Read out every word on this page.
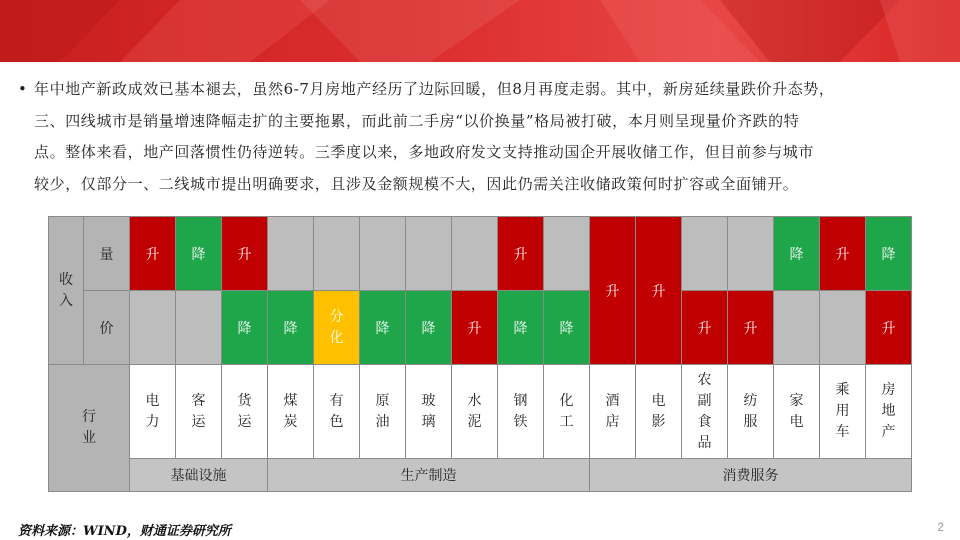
• 年中地产新政成效已基本褪去，虽然6-7月房地产经历了边际回暖，但8月再度走弱。其中，新房延续量跌价升态势，
三、四线城市是销量增速降幅走扩的主要拖累，而此前二手房“以价换量”格局被打破，本月则呈现量价齐跌的特
点。整体来看，地产回落惯性仍待逆转。三季度以来，多地政府发文支持推动国企开展收储工作，但目前参与城市
较少，仅部分一、二线城市提出明确要求，且涉及金额规模不大，因此仍需关注收储政策何时扩容或全面铺开。
收入	量	升	降	升						升		升	升			降	升	降
	价			降	降	分化	降	降	升	降	降			升	升			升
行业		电力	客运	货运	煤炭	有色	原油	玻璃	水泥	钢铁	化工	酒店	电影	农副食品	纺服	家电	乘用车	房地产
		基础设施			生产制造							消费服务						
资料来源：WIND，财通证券研究所	2
